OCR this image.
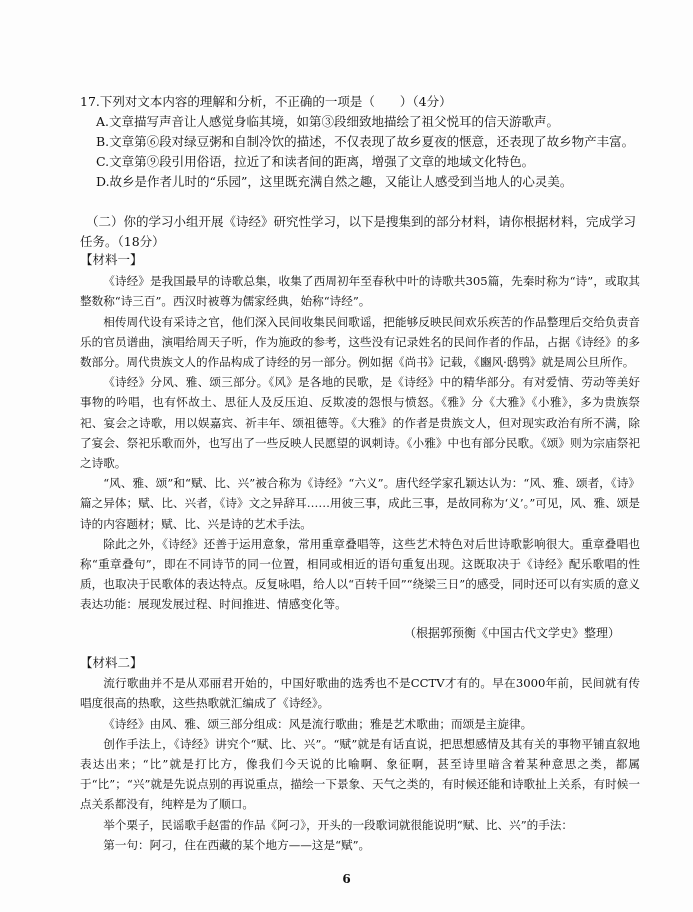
17.下列对文本内容的理解和分析，不正确的一项是（　　）（4分）
A.文章描写声音让人感觉身临其境，如第③段细致地描绘了祖父悦耳的信天游歌声。
B.文章第⑥段对绿豆粥和自制冷饮的描述，不仅表现了故乡夏夜的惬意，还表现了故乡物产丰富。
C.文章第⑨段引用俗语，拉近了和读者间的距离，增强了文章的地域文化特色。
D.故乡是作者儿时的“乐园”，这里既充满自然之趣，又能让人感受到当地人的心灵美。
（二）你的学习小组开展《诗经》研究性学习，以下是搜集到的部分材料，请你根据材料，完成学习任务。（18分）
【材料一】

《诗经》是我国最早的诗歌总集，收集了西周初年至春秋中叶的诗歌共305篇，先秦时称为“诗”，或取其整数称“诗三百”。西汉时被尊为儒家经典，始称“诗经”。

相传周代设有采诗之官，他们深入民间收集民间歌谣，把能够反映民间欢乐疾苦的作品整理后交给负责音乐的官员谱曲，演唱给周天子听，作为施政的参考，这些没有记录姓名的民间作者的作品，占据《诗经》的多数部分。周代贵族文人的作品构成了诗经的另一部分。例如据《尚书》记载，《豳风·鸱鸮》就是周公旦所作。

《诗经》分风、雅、颂三部分。《风》是各地的民歌，是《诗经》中的精华部分。有对爱情、劳动等美好事物的吟唱，也有怀故土、思征人及反压迫、反欺凌的怨恨与愤怒。《雅》分《大雅》《小雅》，多为贵族祭祀、宴会之诗歌，用以娱嘉宾、祈丰年、颂祖德等。《大雅》的作者是贵族文人，但对现实政治有所不满，除了宴会、祭祀乐歌而外，也写出了一些反映人民愿望的讽刺诗。《小雅》中也有部分民歌。《颂》则为宗庙祭祀之诗歌。

“风、雅、颂”和“赋、比、兴”被合称为《诗经》“六义”。唐代经学家孔颖达认为：“风、雅、颂者，《诗》篇之异体；赋、比、兴者，《诗》文之异辞耳……用彼三事，成此三事，是故同称为‘义’。”可见，风、雅、颂是诗的内容题材；赋、比、兴是诗的艺术手法。

除此之外，《诗经》还善于运用意象，常用重章叠唱等，这些艺术特色对后世诗歌影响很大。重章叠唱也称“重章叠句”，即在不同诗节的同一位置，相同或相近的语句重复出现。这既取决于《诗经》配乐歌唱的性质，也取决于民歌体的表达特点。反复咏唱，给人以“百转千回”“绕梁三日”的感受，同时还可以有实质的意义表达功能：展现发展过程、时间推进、情感变化等。

（根据郭预衡《中国古代文学史》整理）
【材料二】

流行歌曲并不是从邓丽君开始的，中国好歌曲的选秀也不是CCTV才有的。早在3000年前，民间就有传唱度很高的热歌，这些热歌就汇编成了《诗经》。

《诗经》由风、雅、颂三部分组成：风是流行歌曲；雅是艺术歌曲；而颂是主旋律。

创作手法上，《诗经》讲究个“赋、比、兴”。“赋”就是有话直说，把思想感情及其有关的事物平铺直叙地表达出来；“比”就是打比方，像我们今天说的比喻啊、象征啊，甚至诗里暗含着某种意思之类，都属于“比”；“兴”就是先说点别的再说重点，描绘一下景象、天气之类的，有时候还能和诗歌扯上关系，有时候一点关系都没有，纯粹是为了顺口。

举个栗子，民谣歌手赵雷的作品《阿刁》，开头的一段歌词就很能说明“赋、比、兴”的手法：

第一句：阿刁，住在西藏的某个地方——这是“赋”。

6
